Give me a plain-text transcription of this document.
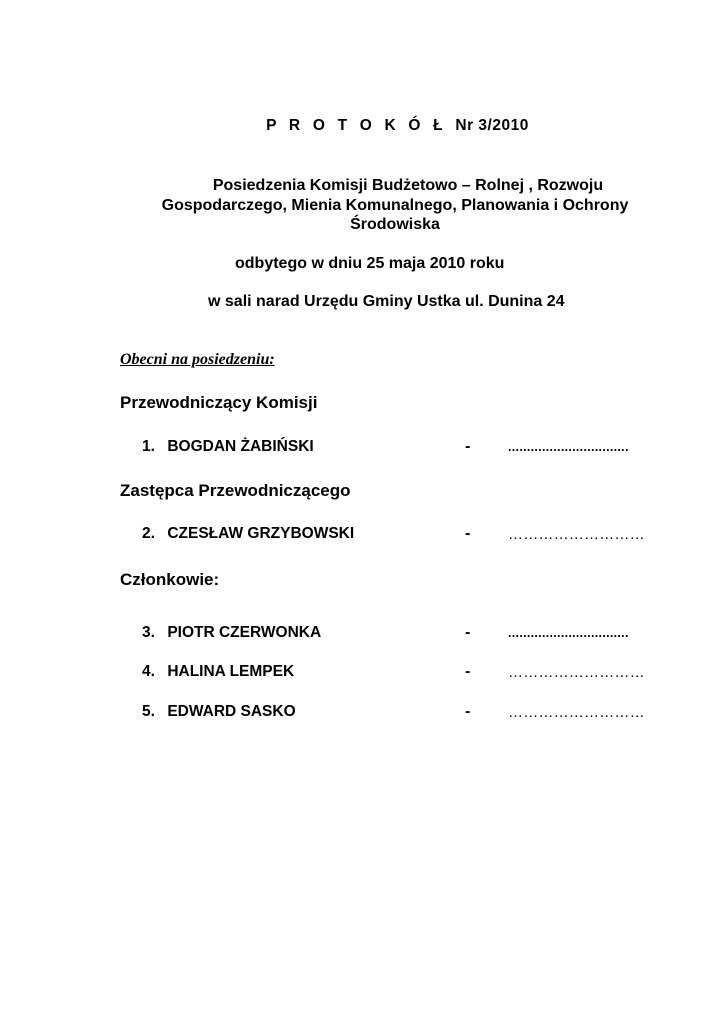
P R O T O K Ó Ł Nr 3/2010
Posiedzenia Komisji Budżetowo – Rolnej , Rozwoju
Gospodarczego, Mienia Komunalnego, Planowania i Ochrony
Środowiska
odbytego w dniu 25 maja 2010 roku
w sali narad Urzędu Gminy Ustka ul. Dunina 24
Obecni na posiedzeniu:
Przewodniczący Komisji
1. BOGDAN ŻABIŃSKI	-	................................
Zastępca Przewodniczącego
2. CZESŁAW GRZYBOWSKI	-	………………………
Członkowie:
3. PIOTR CZERWONKA	-	................................
4. HALINA LEMPEK	-	………………………
5. EDWARD SASKO	-	………………………
